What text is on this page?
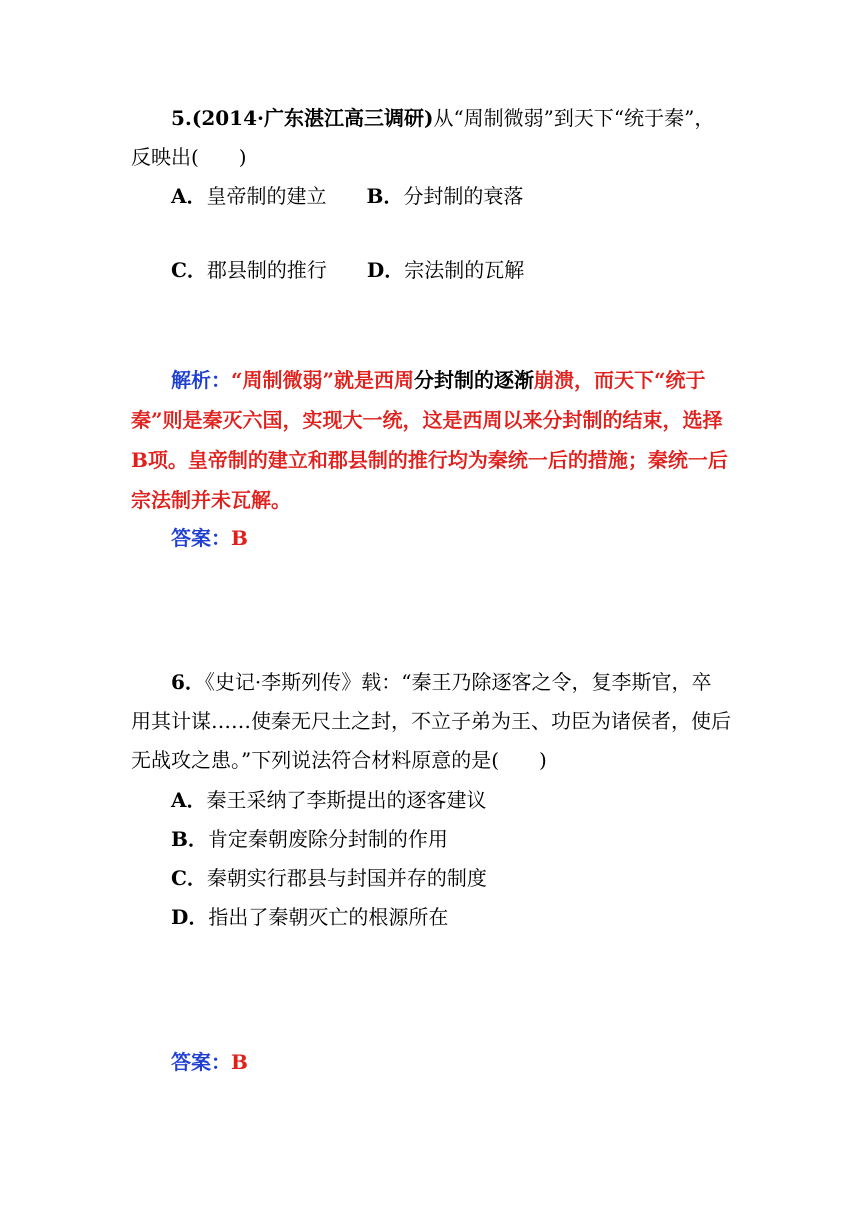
5.(2014·广东湛江高三调研)从“周制微弱”到天下“统于秦”，
反映出(　　)
A．皇帝制的建立 B．分封制的衰落
C．郡县制的推行 D．宗法制的瓦解
解析：“周制微弱”就是西周分封制的逐渐崩溃，而天下“统于
秦”则是秦灭六国，实现大一统，这是西周以来分封制的结束，选择
B项。皇帝制的建立和郡县制的推行均为秦统一后的措施；秦统一后
宗法制并未瓦解。
答案：B
6．《史记·李斯列传》载：“秦王乃除逐客之令，复李斯官，卒
用其计谋……使秦无尺土之封，不立子弟为王、功臣为诸侯者，使后
无战攻之患。”下列说法符合材料原意的是(　　)
A．秦王采纳了李斯提出的逐客建议
B．肯定秦朝废除分封制的作用
C．秦朝实行郡县与封国并存的制度
D．指出了秦朝灭亡的根源所在
答案：B
